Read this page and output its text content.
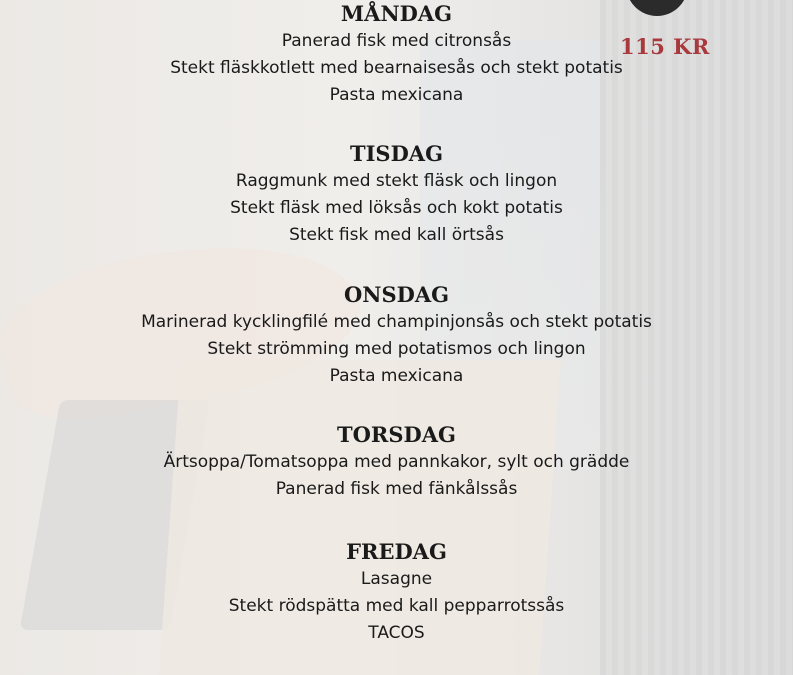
115 KR
MÅNDAG
Panerad fisk med citronsås
Stekt fläskkotlett med bearnaisesås och stekt potatis
Pasta mexicana
TISDAG
Raggmunk med stekt fläsk och lingon
Stekt fläsk med löksås och kokt potatis
Stekt fisk med kall örtsås
ONSDAG
Marinerad kycklingfilé med champinjonsås och stekt potatis
Stekt strömming med potatismos och lingon
Pasta mexicana
TORSDAG
Ärtsoppa/Tomatsoppa med pannkakor, sylt och grädde
Panerad fisk med fänkålssås
FREDAG
Lasagne
Stekt rödspätta med kall pepparrotssås
TACOS
